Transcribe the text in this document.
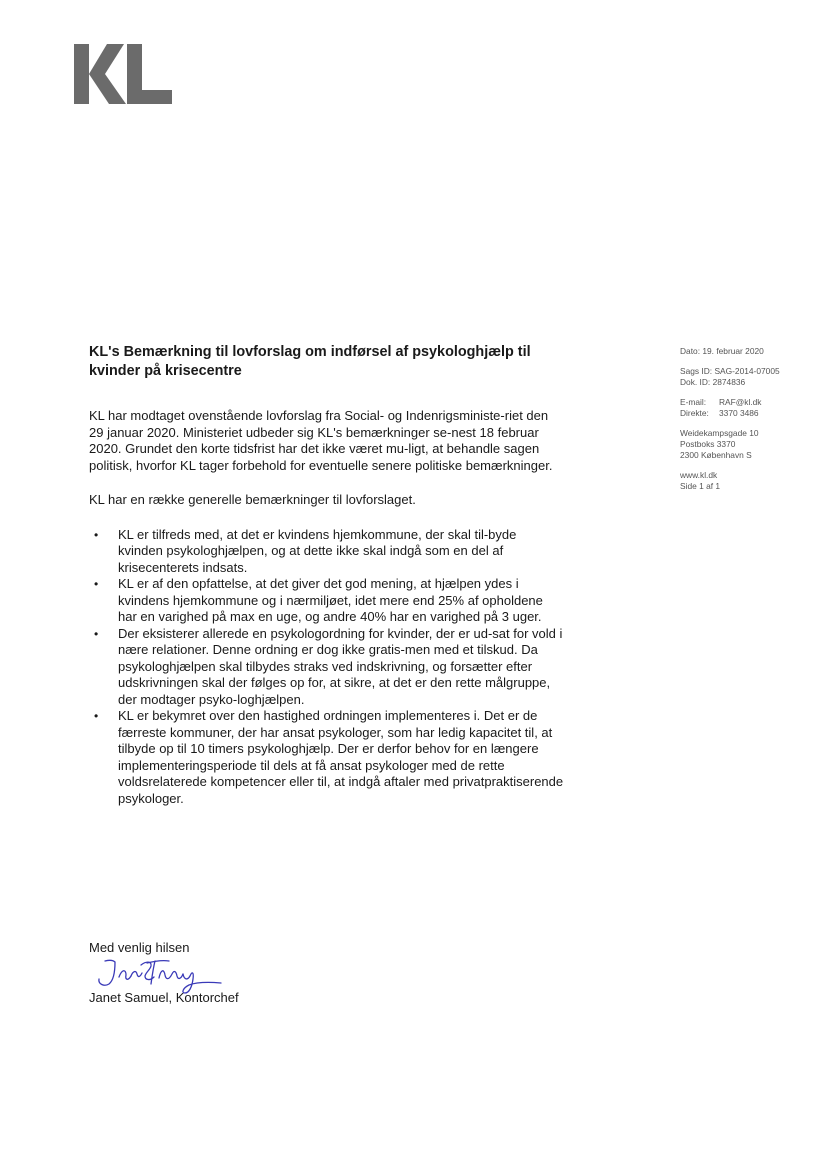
KL's Bemærkning til lovforslag om indførsel af psykologhjælp til kvinder på krisecentre

KL har modtaget ovenstående lovforslag fra Social- og Indenrigsministe-riet den 29 januar 2020. Ministeriet udbeder sig KL's bemærkninger se-nest 18 februar 2020. Grundet den korte tidsfrist har det ikke været mu-ligt, at behandle sagen politisk, hvorfor KL tager forbehold for eventuelle senere politiske bemærkninger.

KL har en række generelle bemærkninger til lovforslaget.

• KL er tilfreds med, at det er kvindens hjemkommune, der skal til-byde kvinden psykologhjælpen, og at dette ikke skal indgå som en del af krisecenterets indsats.
• KL er af den opfattelse, at det giver det god mening, at hjælpen ydes i kvindens hjemkommune og i nærmiljøet, idet mere end 25% af opholdene har en varighed på max en uge, og andre 40% har en varighed på 3 uger.
• Der eksisterer allerede en psykologordning for kvinder, der er ud-sat for vold i nære relationer. Denne ordning er dog ikke gratis-men med et tilskud. Da psykologhjælpen skal tilbydes straks ved indskrivning, og forsætter efter udskrivningen skal der følges op for, at sikre, at det er den rette målgruppe, der modtager psyko-loghjælpen.
• KL er bekymret over den hastighed ordningen implementeres i. Det er de færreste kommuner, der har ansat psykologer, som har ledig kapacitet til, at tilbyde op til 10 timers psykologhjælp. Der er derfor behov for en længere implementeringsperiode til dels at få ansat psykologer med de rette voldsrelaterede kompetencer eller til, at indgå aftaler med privatpraktiserende psykologer.
Dato: 19. februar 2020
Sags ID: SAG-2014-07005
Dok. ID: 2874836
E-mail: RAF@kl.dk
Direkte: 3370 3486
Weidekampsgade 10
Postboks 3370
2300 København S
www.kl.dk
Side 1 af 1
Med venlig hilsen
Janet Samuel, Kontorchef
